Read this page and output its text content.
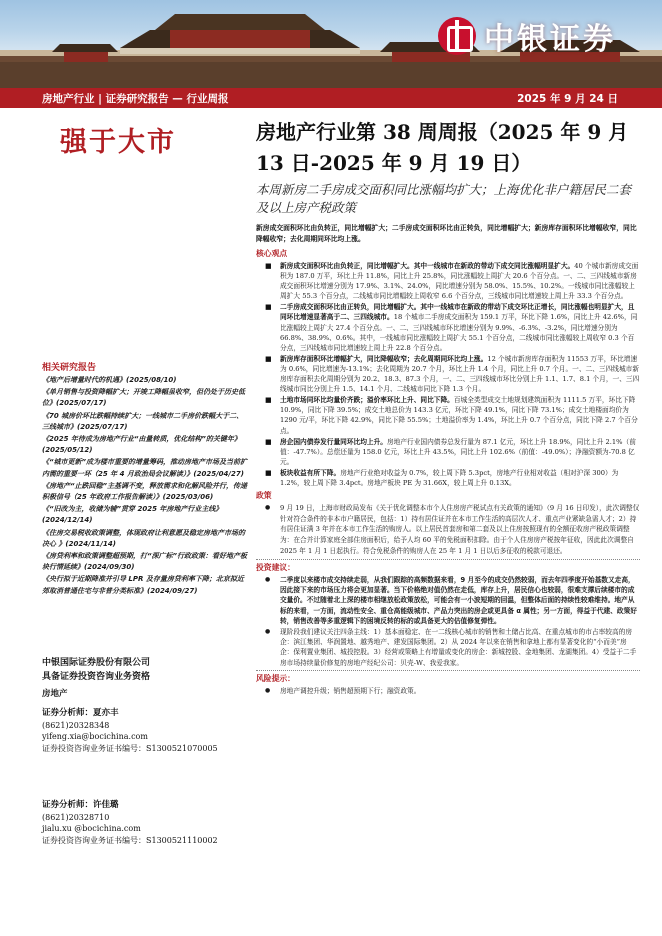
中银证券
房地产行业 | 证券研究报告 — 行业周报	2025 年 9 月 24 日
强于大市	房地产行业第 38 周周报（2025 年 9 月 13 日-2025 年 9 月 19 日）
本周新房二手房成交面积同比涨幅均扩大；上海优化非户籍居民二套及以上房产税政策
相关研究报告
《地产后增量时代的机遇》(2025/08/10)
《单月销售与投资降幅扩大；开竣工降幅虽收窄，但仍处于历史低位》(2025/07/17)
《70 城房价环比跌幅持续扩大；一线城市二手房价跌幅大于二、三线城市》(2025/07/17)
《2025 年待成为房地产行业“由量转质，优化结构”的关键年》(2025/05/12)
《“城市更新”成为楼市重要的增量筹码，推动房地产市场及当前扩内需的重要一环（25 年 4 月政治局会议解读）》(2025/04/27)
《房地产“止跌回稳”主基调不变，释放需求和化解风险并行，传递积极信号（25 年政府工作报告解读）》(2025/03/06)
《“旧改为主，收储为辅”贯穿 2025 年房地产行业主线》(2024/12/14)
《住房交易税收政策调整，体现政府让利意愿及稳定房地产市场的决心 》(2024/11/14)
《房贷利率和政策调整超预期，打“深广标”行政政策：看好地产板块行情延续》(2024/09/30)
《央行拟于近期降准并引导 LPR 及存量房贷利率下降；北京拟近郊取消普通住宅与非普分类标准》(2024/09/27)
中银国际证券股份有限公司
具备证券投资咨询业务资格
房地产
证券分析师：夏亦丰
(8621)20328348
yifeng.xia@bocichina.com
证券投资咨询业务证书编号：S1300521070005
证券分析师：许佳璐
(8621)20328710
jialu.xu @bocichina.com
证券投资咨询业务证书编号：S1300521110002
新房成交面积环比由负转正，同比增幅扩大；二手房成交面积环比由正转负，同比增幅扩大；新房库存面积环比增幅收窄，同比降幅收窄；去化周期同环比均上涨。
核心观点
■ 新房成交面积环比由负转正，同比增幅扩大。其中一线城市在新政的带动下成交同比涨幅明显扩大。40 个城市新房成交面积为 187.0 万平，环比上升 11.8%，同比上升 25.8%，同比涨幅较上周扩大 20.6 个百分点。一、二、三四线城市新房成交面积环比增速分别为 17.9%、3.1%、24.0%，同比增速分别为 58.0%、15.5%、10.2%。一线城市同比涨幅较上周扩大 55.3 个百分点，二线城市同比增幅较上周收窄 6.6 个百分点，三线城市同比增速较上周上升 33.3 个百分点。
■ 二手房成交面积环比由正转负，同比增幅扩大。其中一线城市在新政的带动下成交环比正增长，同比涨幅也明显扩大，且同环比增速显著高于二、三四线城市。18 个城市二手房成交面积为 159.1 万平，环比下降 1.6%，同比上升 42.6%，同比涨幅较上周扩大 27.4 个百分点。一、二、三四线城市环比增速分别为 9.9%、-6.3%、-3.2%，同比增速分别为 66.8%、38.9%、0.6%。其中，一线城市同比涨幅较上周扩大 55.1 个百分点，二线城市同比涨幅较上周收窄 0.3 个百分点，三四线城市同比增速较上周上升 22.8 个百分点。
■ 新房库存面积环比增幅扩大，同比降幅收窄；去化周期同环比均上涨。12 个城市新房库存面积为 11553 万平，环比增速为 0.6%，同比增速为-13.1%；去化周期为 20.7 个月，环比上升 1.4 个月，同比上升 0.7 个月。一、二、三四线城市新房库存面积去化周期分别为 20.2、18.3、87.3 个月，一、二、三四线城市环比分别上升 1.1、1.7、8.1 个月，一、三四线城市同比分别上升 1.5、14.1 个月、二线城市同比下降 1.3 个月。
■ 土地市场同环比均量价齐跌；溢价率环比上升、同比下降。百城全类型成交土地规划建筑面积为 1111.5 万平，环比下降 10.9%，同比下降 39.5%；成交土地总价为 143.3 亿元，环比下降 49.1%，同比下降 73.1%；成交土地楼面均价为 1290 元/平，环比下降 42.9%，同比下降 55.5%；土地溢价率为 1.4%，环比上升 0.7 个百分点，同比下降 2.7 个百分点。
■ 房企国内债券发行量同环比均上升。房地产行业国内债券总发行量为 87.1 亿元，环比上升 18.9%，同比上升 2.1%（前值：-47.7%）。总偿还量为 158.0 亿元，环比上升 43.5%，同比上升 102.6%（前值：-49.0%）；净融资额为-70.8 亿元。
■ 板块收益有所下降。房地产行业绝对收益为 0.7%，较上周下降 5.3pct，房地产行业相对收益（相对沪深 300）为 1.2%，较上周下降 3.4pct。房地产板块 PE 为 31.66X，较上周上升 0.13X。
政策
● 9 月 19 日，上海市财政局发布《关于优化调整本市个人住房房产税试点有关政策的通知》（9 月 16 日印发），此次调整仅针对符合条件的非本市户籍居民，包括：1）持有居住证并在本市工作生活的高层次人才、重点产业紧缺急需人才；2）持有居住证满 3 年并在本市工作生活的购房人。以上居民首套房和第二套及以上住房按照现有的全额征收房产税政策调整为：在合并计算家庭全部住房面积后，给予人均 60 平的免税面积扣除。由于个人住房房产税按年征收，因此此次调整自 2025 年 1 月 1 日起执行。符合免税条件的购房人在 25 年 1 月 1 日以后多征收的税款可退还。
投资建议：
● 二季度以来楼市成交持续走弱，从我们跟踪的高频数据来看，9 月至今的成交仍然较弱，而去年四季度开始基数又走高，因此接下来的市场压力将会更加显著。当下价格绝对值仍然在走低，库存上升，居民信心也较弱，很难支撑后续楼市的成交量价。不过随着北上深的楼市相继放松政策放松，可能会有一小波短期的回温，但整体后面的持续性较难维持。地产从标的来看，一方面，流动性安全、重仓高能级城市、产品力突出的房企或更具备 α 属性；另一方面，得益于代建、政策好转，销售改善等多重逻辑下的困境反转的标的或具备更大的估值修复弹性。
● 现阶段我们建议关注四条主线：1）基本面稳定、在一二线核心城市的销售和土储占比高、在重点城市的市占率较高的房企：滨江集团、华润置地、越秀地产、建发国际集团。2）从 2024 年以来在销售和拿地上都有显著变化的“小而美”房企：保利置业集团、城投控股。3）经营或策略上有增量或变化的房企：新城控股、金地集团、龙湖集团。4）受益于二手房市场持续量价修复的房地产经纪公司：贝壳-W、我爱我家。
风险提示：
● 房地产调控升级；销售超预期下行；融资政策。
